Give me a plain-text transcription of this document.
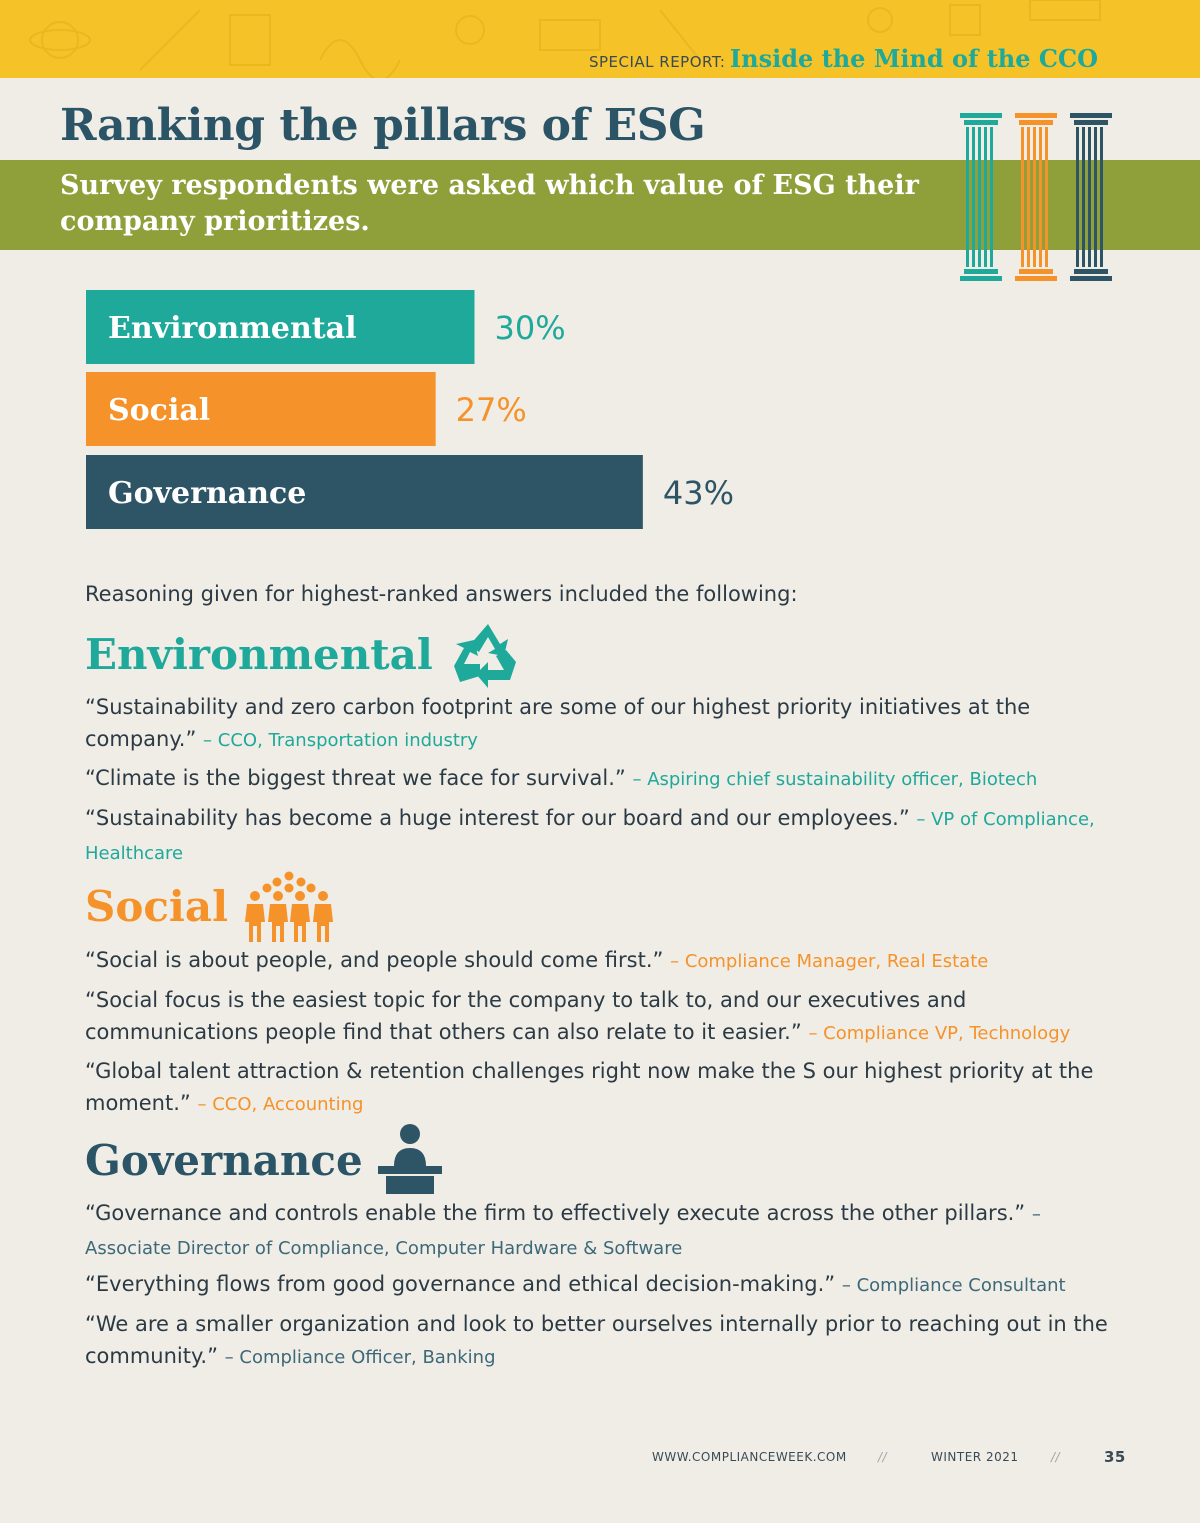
SPECIAL REPORT: Inside the Mind of the CCO
Ranking the pillars of ESG
Survey respondents were asked which value of ESG their company prioritizes.
Environmental	30%
Social	27%
Governance	43%
Reasoning given for highest-ranked answers included the following:
Environmental
“Sustainability and zero carbon footprint are some of our highest priority initiatives at the company.” – CCO, Transportation industry
“Climate is the biggest threat we face for survival.” – Aspiring chief sustainability officer, Biotech
“Sustainability has become a huge interest for our board and our employees.” – VP of Compliance, Healthcare
Social
“Social is about people, and people should come first.” – Compliance Manager, Real Estate
“Social focus is the easiest topic for the company to talk to, and our executives and communications people find that others can also relate to it easier.” – Compliance VP, Technology
“Global talent attraction & retention challenges right now make the S our highest priority at the moment.” – CCO, Accounting
Governance
“Governance and controls enable the firm to effectively execute across the other pillars.” – Associate Director of Compliance, Computer Hardware & Software
“Everything flows from good governance and ethical decision-making.” – Compliance Consultant
“We are a smaller organization and look to better ourselves internally prior to reaching out in the community.” – Compliance Officer, Banking
WWW.COMPLIANCEWEEK.COM	//	WINTER 2021	//	35
